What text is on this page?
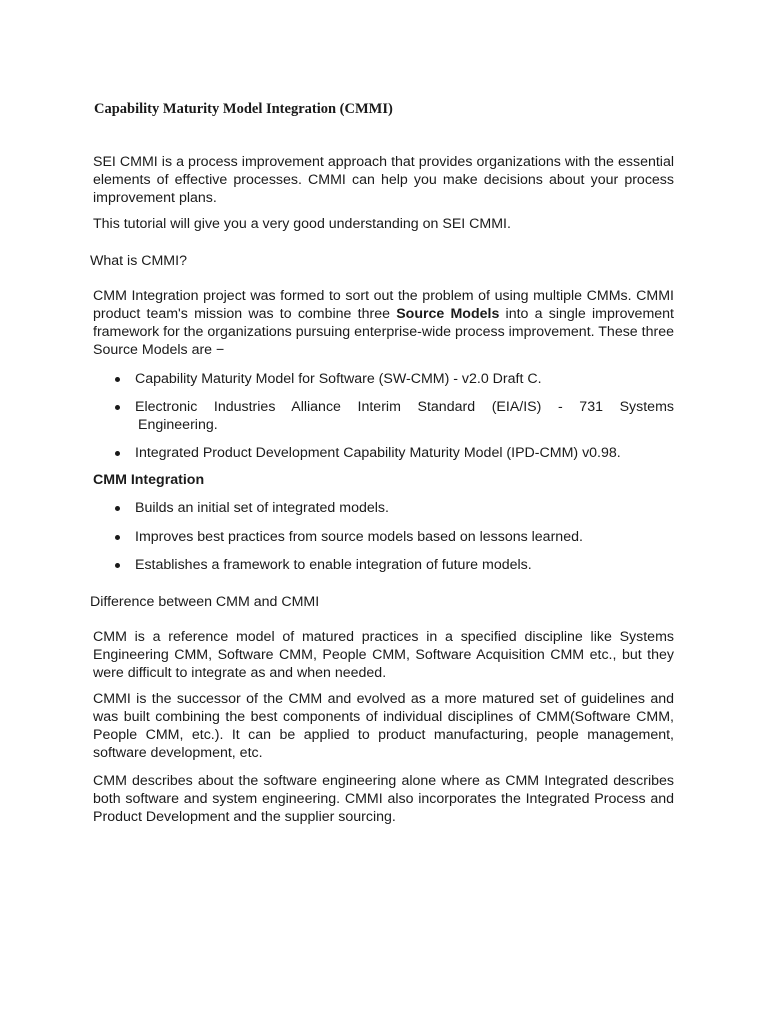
Capability Maturity Model Integration (CMMI)

SEI CMMI is a process improvement approach that provides organizations with the essential elements of effective processes. CMMI can help you make decisions about your process improvement plans.

This tutorial will give you a very good understanding on SEI CMMI.

What is CMMI?

CMM Integration project was formed to sort out the problem of using multiple CMMs. CMMI product team's mission was to combine three Source Models into a single improvement framework for the organizations pursuing enterprise-wide process improvement. These three Source Models are −

Capability Maturity Model for Software (SW-CMM) - v2.0 Draft C.
Electronic Industries Alliance Interim Standard (EIA/IS) - 731 Systems
Engineering.
Integrated Product Development Capability Maturity Model (IPD-CMM) v0.98.
CMM Integration
Builds an initial set of integrated models.
Improves best practices from source models based on lessons learned.
Establishes a framework to enable integration of future models.
Difference between CMM and CMMI

CMM is a reference model of matured practices in a specified discipline like Systems Engineering CMM, Software CMM, People CMM, Software Acquisition CMM etc., but they were difficult to integrate as and when needed.

CMMI is the successor of the CMM and evolved as a more matured set of guidelines and was built combining the best components of individual disciplines of CMM(Software CMM, People CMM, etc.). It can be applied to product manufacturing, people management, software development, etc.

CMM describes about the software engineering alone where as CMM Integrated describes both software and system engineering. CMMI also incorporates the Integrated Process and Product Development and the supplier sourcing.
